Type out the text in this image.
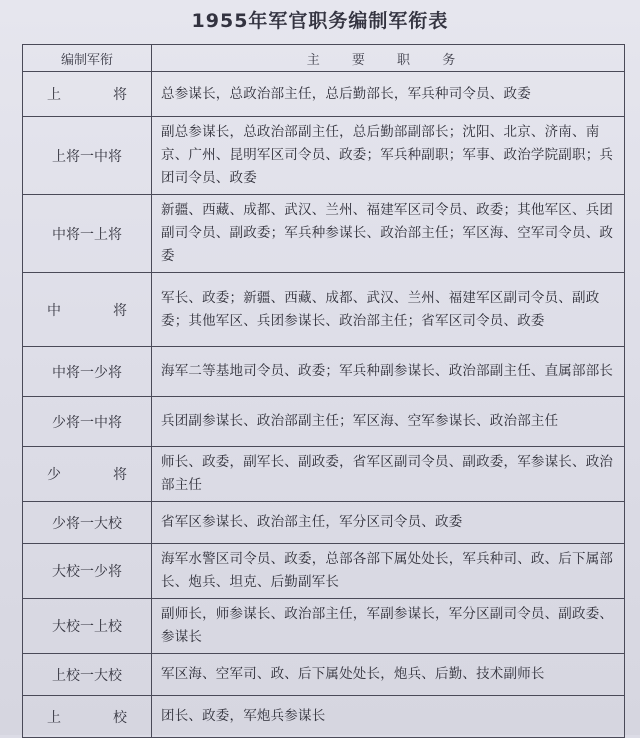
1955年军官职务编制军衔表
编制军衔	主 要 职 务
上　　将	总参谋长，总政治部主任，总后勤部长，军兵种司令员、政委
上将一中将	副总参谋长，总政治部副主任，总后勤部副部长；沈阳、北京、济南、南京、广州、昆明军区司令员、政委；军兵种副职；军事、政治学院副职；兵团司令员、政委
中将一上将	新疆、西藏、成都、武汉、兰州、福建军区司令员、政委；其他军区、兵团副司令员、副政委；军兵种参谋长、政治部主任；军区海、空军司令员、政委
中　　将	军长、政委；新疆、西藏、成都、武汉、兰州、福建军区副司令员、副政委；其他军区、兵团参谋长、政治部主任；省军区司令员、政委
中将一少将	海军二等基地司令员、政委；军兵种副参谋长、政治部副主任、直属部部长
少将一中将	兵团副参谋长、政治部副主任；军区海、空军参谋长、政治部主任
少　　将	师长、政委，副军长、副政委，省军区副司令员、副政委，军参谋长、政治部主任
少将一大校	省军区参谋长、政治部主任，军分区司令员、政委
大校一少将	海军水警区司令员、政委，总部各部下属处处长，军兵种司、政、后下属部长、炮兵、坦克、后勤副军长
大校一上校	副师长，师参谋长、政治部主任，军副参谋长，军分区副司令员、副政委、参谋长
上校一大校	军区海、空军司、政、后下属处处长，炮兵、后勤、技术副师长
上　　校	团长、政委，军炮兵参谋长
